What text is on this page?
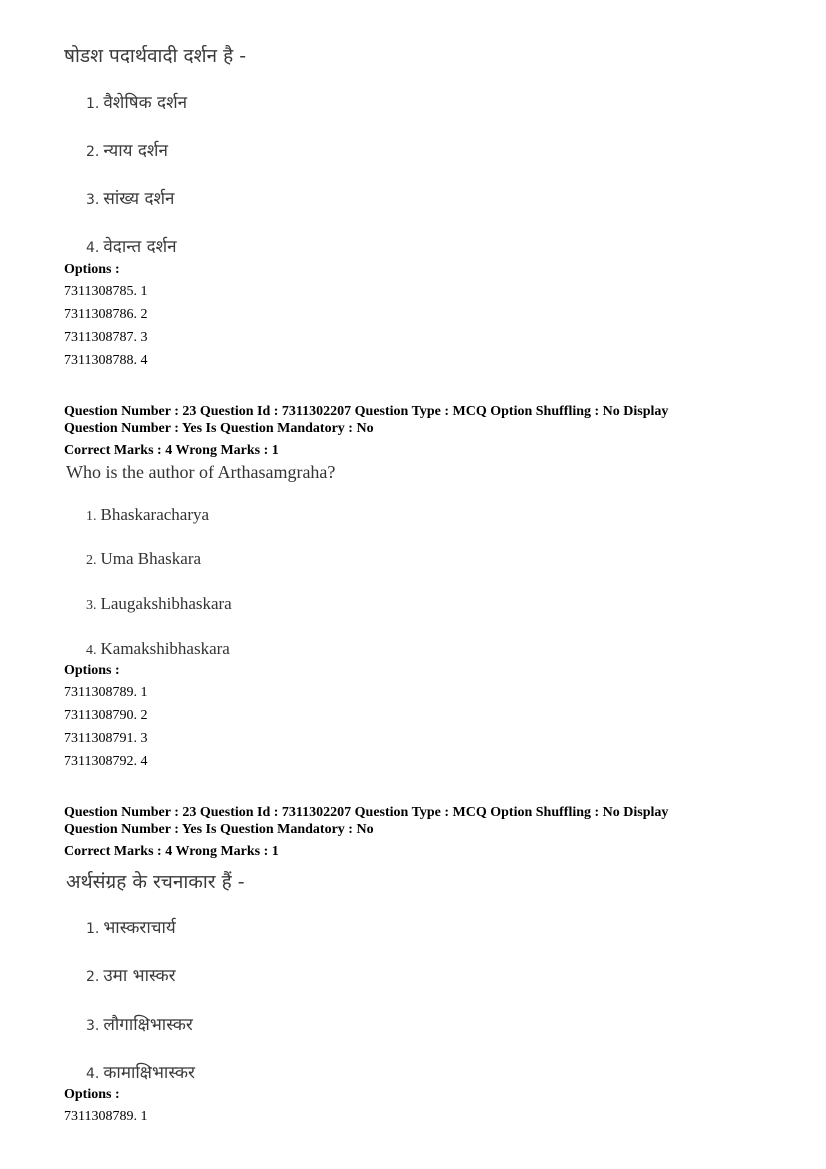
षोडश पदार्थवादी दर्शन है -
1. वैशेषिक दर्शन
2. न्याय दर्शन
3. सांख्य दर्शन
4. वेदान्त दर्शन
Options :
7311308785. 1
7311308786. 2
7311308787. 3
7311308788. 4
Question Number : 23 Question Id : 7311302207 Question Type : MCQ Option Shuffling : No Display
Question Number : Yes Is Question Mandatory : No
Correct Marks : 4 Wrong Marks : 1
Who is the author of Arthasamgraha?
1. Bhaskaracharya
2. Uma Bhaskara
3. Laugakshibhaskara
4. Kamakshibhaskara
Options :
7311308789. 1
7311308790. 2
7311308791. 3
7311308792. 4
Question Number : 23 Question Id : 7311302207 Question Type : MCQ Option Shuffling : No Display
Question Number : Yes Is Question Mandatory : No
Correct Marks : 4 Wrong Marks : 1
अर्थसंग्रह के रचनाकार हैं -
1. भास्कराचार्य
2. उमा भास्कर
3. लौगाक्षिभास्कर
4. कामाक्षिभास्कर
Options :
7311308789. 1
